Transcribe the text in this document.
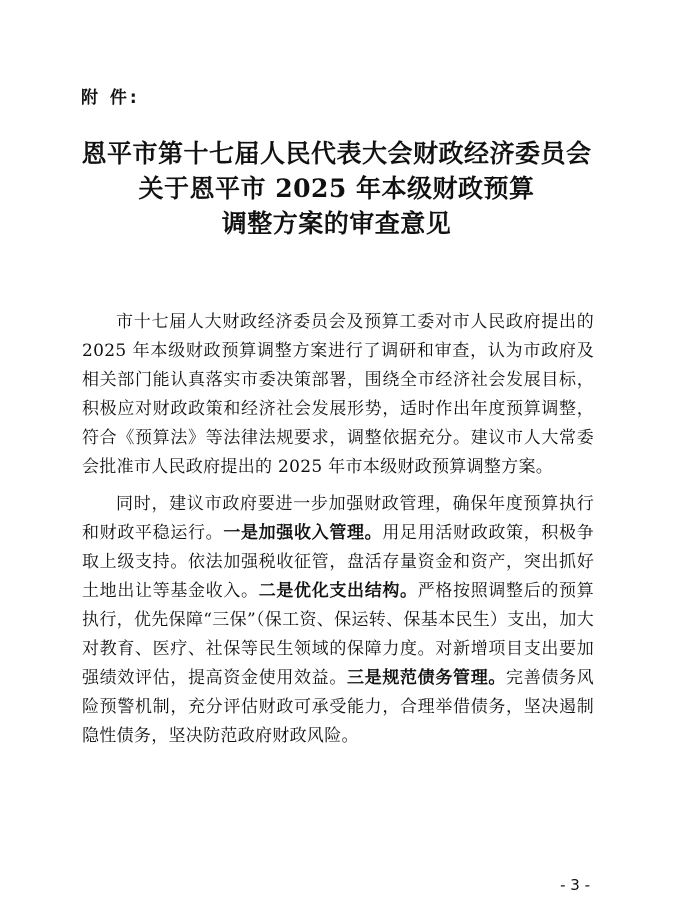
附 件:

恩平市第十七届人民代表大会财政经济委员会
关于恩平市 2025 年本级财政预算
调整方案的审查意见

市十七届人大财政经济委员会及预算工委对市人民政府提出的 2025 年本级财政预算调整方案进行了调研和审查，认为市政府及相关部门能认真落实市委决策部署，围绕全市经济社会发展目标，积极应对财政政策和经济社会发展形势，适时作出年度预算调整，符合《预算法》等法律法规要求，调整依据充分。建议市人大常委会批准市人民政府提出的 2025 年市本级财政预算调整方案。

同时，建议市政府要进一步加强财政管理，确保年度预算执行和财政平稳运行。一是加强收入管理。用足用活财政政策，积极争取上级支持。依法加强税收征管，盘活存量资金和资产，突出抓好土地出让等基金收入。二是优化支出结构。严格按照调整后的预算执行，优先保障“三保”（保工资、保运转、保基本民生）支出，加大对教育、医疗、社保等民生领域的保障力度。对新增项目支出要加强绩效评估，提高资金使用效益。三是规范债务管理。完善债务风险预警机制，充分评估财政可承受能力，合理举借债务，坚决遏制隐性债务，坚决防范政府财政风险。

- 3 -
